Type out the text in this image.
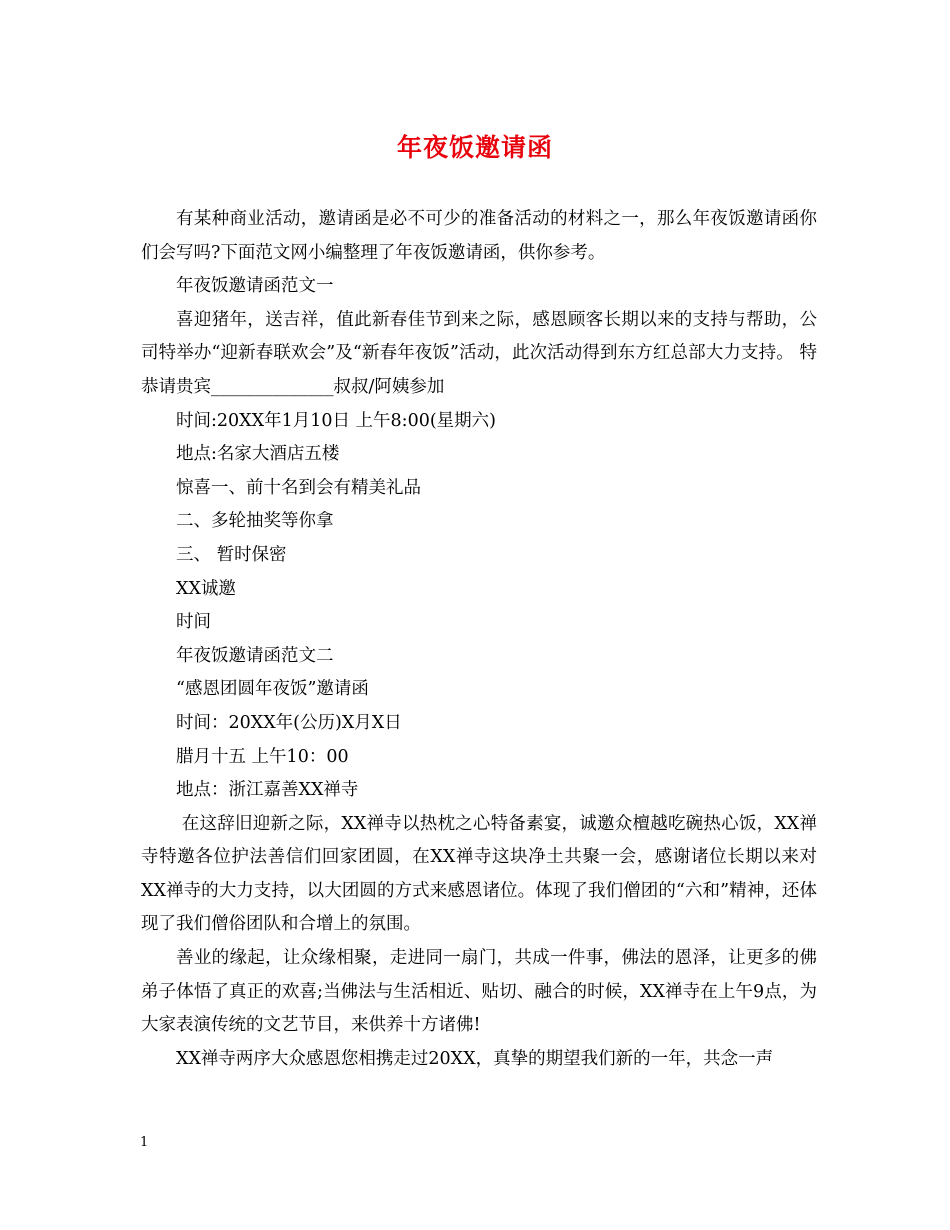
年夜饭邀请函

有某种商业活动，邀请函是必不可少的准备活动的材料之一，那么年夜饭邀请函你们会写吗?下面范文网小编整理了年夜饭邀请函，供你参考。

年夜饭邀请函范文一

喜迎猪年，送吉祥，值此新春佳节到来之际，感恩顾客长期以来的支持与帮助，公司特举办“迎新春联欢会”及“新春年夜饭”活动，此次活动得到东方红总部大力支持。 特恭请贵宾______________叔叔/阿姨参加

时间:20XX年1月10日 上午8:00(星期六)

地点:名家大酒店五楼

惊喜一、前十名到会有精美礼品

二、多轮抽奖等你拿

三、 暂时保密

XX诚邀

时间

年夜饭邀请函范文二

“感恩团圆年夜饭”邀请函

时间：20XX年(公历)X月X日

腊月十五 上午10：00

地点：浙江嘉善XX禅寺

在这辞旧迎新之际，XX禅寺以热枕之心特备素宴，诚邀众檀越吃碗热心饭，XX禅寺特邀各位护法善信们回家团圆，在XX禅寺这块净土共聚一会，感谢诸位长期以来对XX禅寺的大力支持，以大团圆的方式来感恩诸位。体现了我们僧团的“六和”精神，还体现了我们僧俗团队和合增上的氛围。

善业的缘起，让众缘相聚，走进同一扇门，共成一件事，佛法的恩泽，让更多的佛弟子体悟了真正的欢喜;当佛法与生活相近、贴切、融合的时候，XX禅寺在上午9点，为大家表演传统的文艺节目，来供养十方诸佛!

XX禅寺两序大众感恩您相携走过20XX，真挚的期望我们新的一年，共念一声

1
